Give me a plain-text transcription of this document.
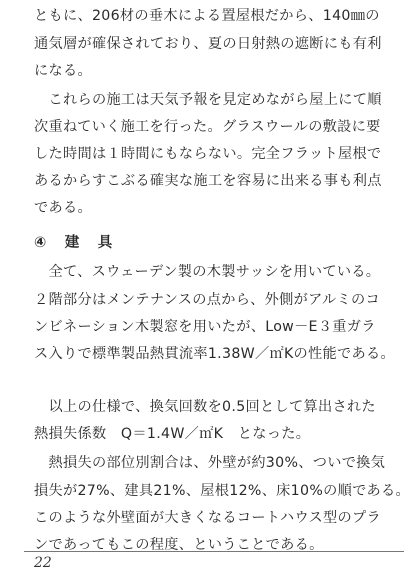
ともに、206材の垂木による置屋根だから、140㎜の
通気層が確保されており、夏の日射熱の遮断にも有利
になる。
　これらの施工は天気予報を見定めながら屋上にて順
次重ねていく施工を行った。グラスウールの敷設に要
した時間は１時間にもならない。完全フラット屋根で
あるからすこぶる確実な施工を容易に出来る事も利点
である。
④　建　具
　全て、スウェーデン製の木製サッシを用いている。
２階部分はメンテナンスの点から、外側がアルミのコ
ンビネーション木製窓を用いたが、Low－E３重ガラ
ス入りで標準製品熱貫流率1.38W／㎡Kの性能である。
　以上の仕様で、換気回数を0.5回として算出された
熱損失係数　Q＝1.4W／㎡K　となった。
　熱損失の部位別割合は、外壁が約30%、ついで換気
損失が27%、建具21%、屋根12%、床10%の順である。
このような外壁面が大きくなるコートハウス型のプラ
ンであってもこの程度、ということである。
22
